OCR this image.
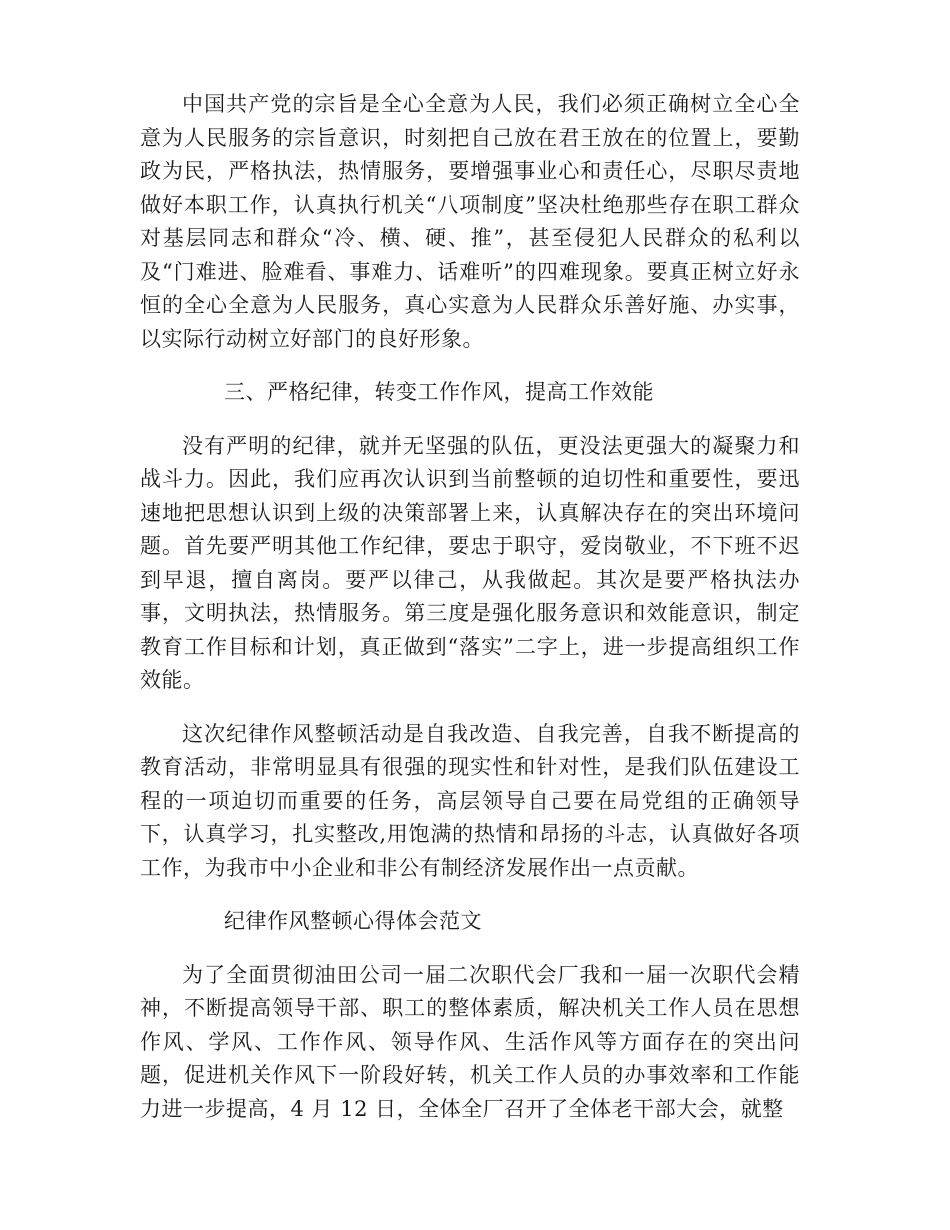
中国共产党的宗旨是全心全意为人民，我们必须正确树立全心全意为人民服务的宗旨意识，时刻把自己放在君王放在的位置上，要勤政为民，严格执法，热情服务，要增强事业心和责任心，尽职尽责地做好本职工作，认真执行机关“八项制度”坚决杜绝那些存在职工群众对基层同志和群众“冷、横、硬、推”，甚至侵犯人民群众的私利以及“门难进、脸难看、事难力、话难听”的四难现象。要真正树立好永恒的全心全意为人民服务，真心实意为人民群众乐善好施、办实事，以实际行动树立好部门的良好形象。

三、严格纪律，转变工作作风，提高工作效能

没有严明的纪律，就并无坚强的队伍，更没法更强大的凝聚力和战斗力。因此，我们应再次认识到当前整顿的迫切性和重要性，要迅速地把思想认识到上级的决策部署上来，认真解决存在的突出环境问题。首先要严明其他工作纪律，要忠于职守，爱岗敬业，不下班不迟到早退，擅自离岗。要严以律己，从我做起。其次是要严格执法办事，文明执法，热情服务。第三度是强化服务意识和效能意识，制定教育工作目标和计划，真正做到“落实”二字上，进一步提高组织工作效能。

这次纪律作风整顿活动是自我改造、自我完善，自我不断提高的教育活动，非常明显具有很强的现实性和针对性，是我们队伍建设工程的一项迫切而重要的任务，高层领导自己要在局党组的正确领导下，认真学习，扎实整改,用饱满的热情和昂扬的斗志，认真做好各项工作，为我市中小企业和非公有制经济发展作出一点贡献。

纪律作风整顿心得体会范文

为了全面贯彻油田公司一届二次职代会厂我和一届一次职代会精神，不断提高领导干部、职工的整体素质，解决机关工作人员在思想作风、学风、工作作风、领导作风、生活作风等方面存在的突出问题，促进机关作风下一阶段好转，机关工作人员的办事效率和工作能力进一步提高，4 月 12 日，全体全厂召开了全体老干部大会，就整
